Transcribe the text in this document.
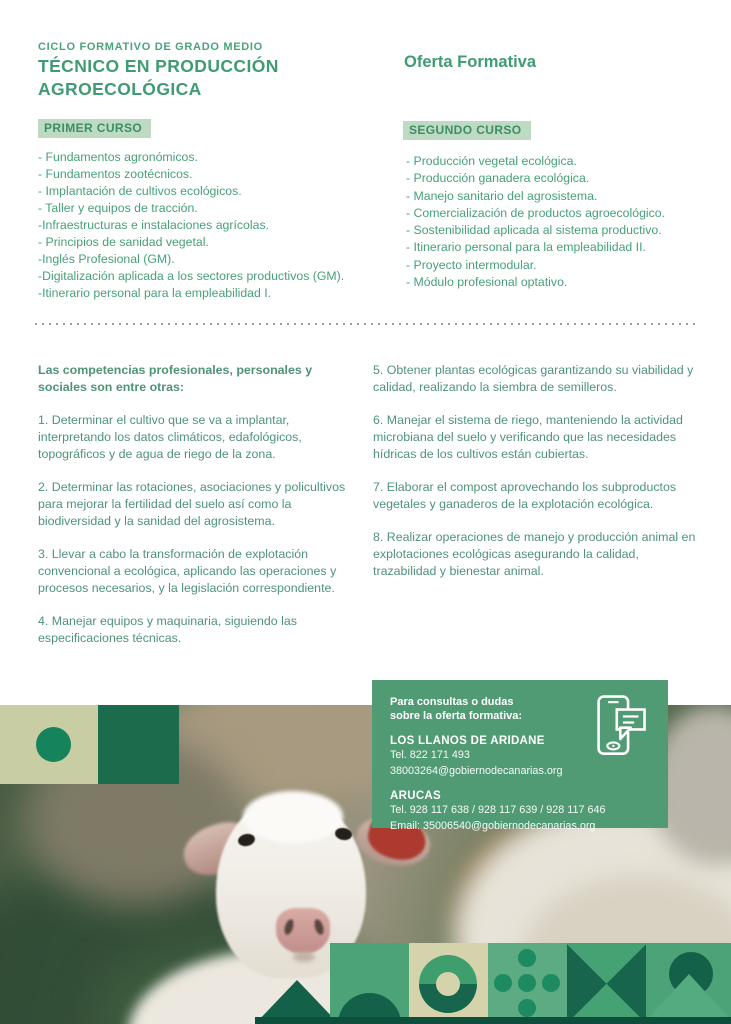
CICLO FORMATIVO DE GRADO MEDIO
TÉCNICO EN PRODUCCIÓN
AGROECOLÓGICA
Oferta Formativa
PRIMER CURSO	SEGUNDO CURSO
- Fundamentos agronómicos.
- Fundamentos zootécnicos.
- Implantación de cultivos ecológicos.
- Taller y equipos de tracción.
-Infraestructuras e instalaciones agrícolas.
- Principios de sanidad vegetal.
-Inglés Profesional (GM).
-Digitalización aplicada a los sectores productivos (GM).
-Itinerario personal para la empleabilidad I.
- Producción vegetal ecológica.
- Producción ganadera ecológica.
- Manejo sanitario del agrosistema.
- Comercialización de productos agroecológico.
- Sostenibilidad aplicada al sistema productivo.
- Itinerario personal para la empleabilidad II.
- Proyecto intermodular.
- Módulo profesional optativo.

Las competencias profesionales, personales y sociales son entre otras:

1. Determinar el cultivo que se va a implantar, interpretando los datos climáticos, edafológicos, topográficos y de agua de riego de la zona.

2. Determinar las rotaciones, asociaciones y policultivos para mejorar la fertilidad del suelo así como la biodiversidad y la sanidad del agrosistema.

3. Llevar a cabo la transformación de explotación convencional a ecológica, aplicando las operaciones y procesos necesarios, y la legislación correspondiente.

4. Manejar equipos y maquinaria, siguiendo las especificaciones técnicas.

5. Obtener plantas ecológicas garantizando su viabilidad y calidad, realizando la siembra de semilleros.

6. Manejar el sistema de riego, manteniendo la actividad microbiana del suelo y verificando que las necesidades hídricas de los cultivos están cubiertas.

7. Elaborar el compost aprovechando los subproductos vegetales y ganaderos de la explotación ecológica.

8. Realizar operaciones de manejo y producción animal en explotaciones ecológicas asegurando la calidad, trazabilidad y bienestar animal.

Para consultas o dudas
sobre la oferta formativa:
LOS LLANOS DE ARIDANE
Tel. 822 171 493
38003264@gobiernodecanarias.org
ARUCAS
Tel. 928 117 638 / 928 117 639 / 928 117 646
Email: 35006540@gobiernodecanarias.org
